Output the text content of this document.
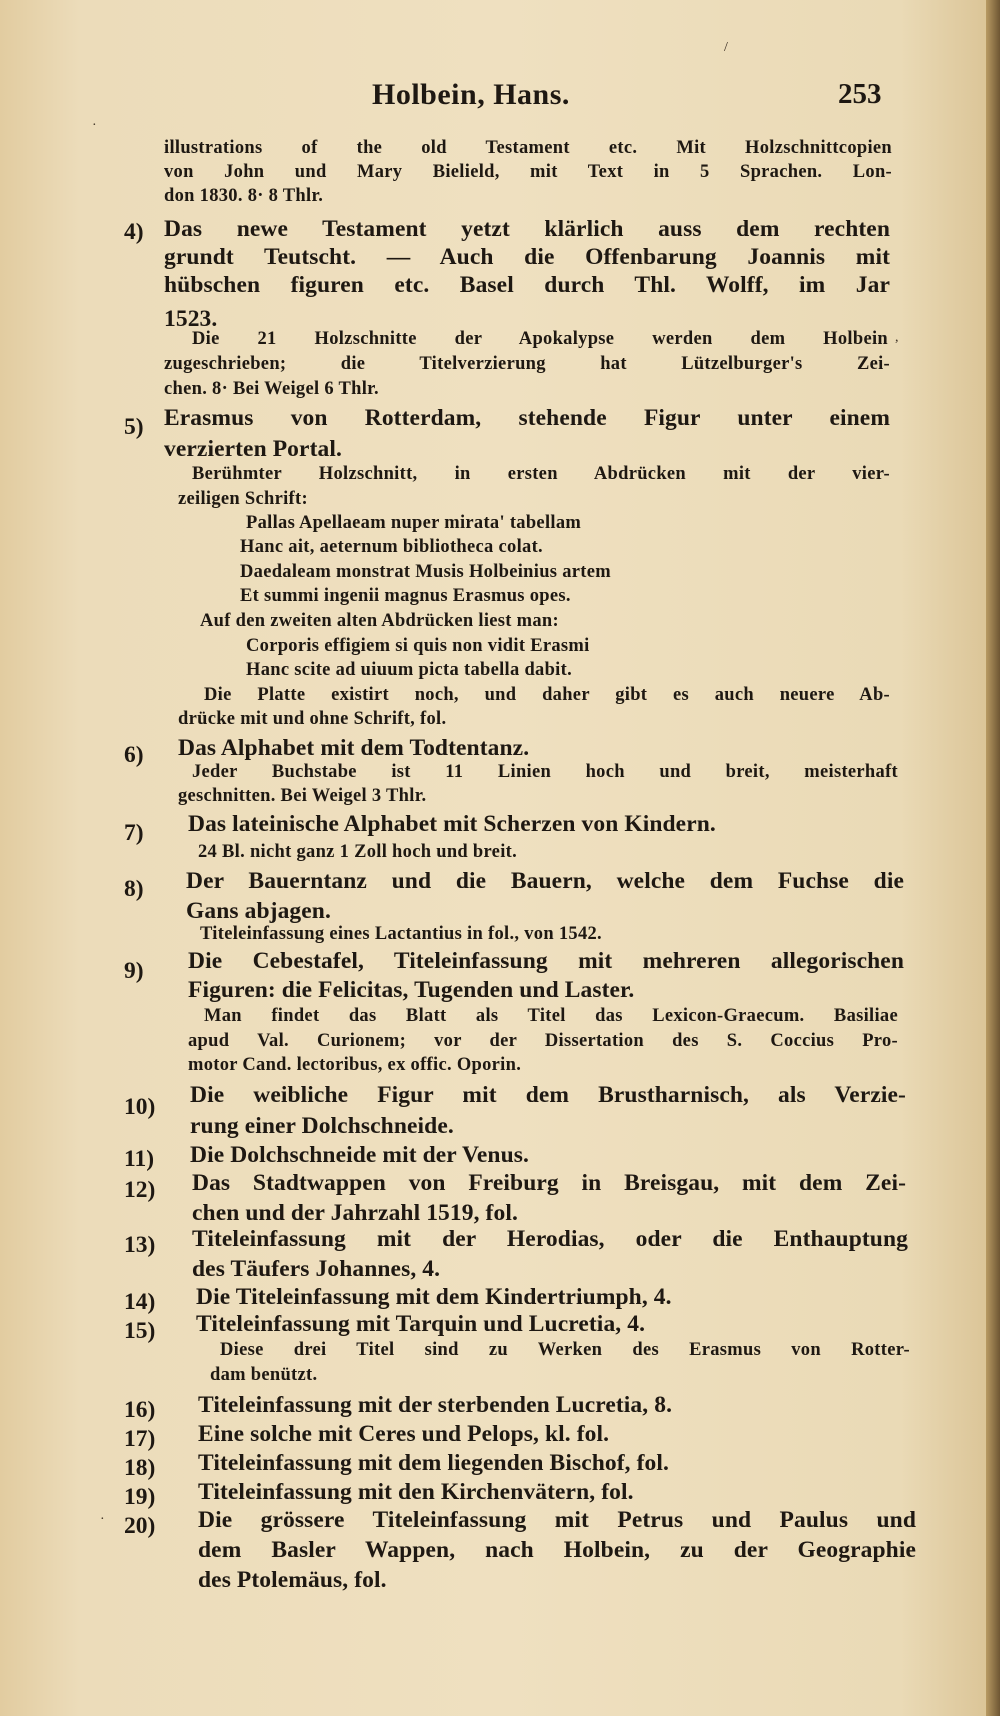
Holbein, Hans.	253
·
/
,
·
illustrations of the old Testament etc. Mit Holzschnittcopien
von John und Mary Bielield, mit Text in 5 Sprachen. Lon-
don 1830. 8· 8 Thlr.
4) Das newe Testament yetzt klärlich auss dem rechten
grundt Teutscht. — Auch die Offenbarung Joannis mit
hübschen figuren etc. Basel durch Thl. Wolff, im Jar
1523.
Die 21 Holzschnitte der Apokalypse werden dem Holbein
zugeschrieben; die Titelverzierung hat Lützelburger's Zei-
chen. 8· Bei Weigel 6 Thlr.
5) Erasmus von Rotterdam, stehende Figur unter einem
verzierten Portal.
Berühmter Holzschnitt, in ersten Abdrücken mit der vier-
zeiligen Schrift:
Pallas Apellaeam nuper mirata' tabellam
Hanc ait, aeternum bibliotheca colat.
Daedaleam monstrat Musis Holbeinius artem
Et summi ingenii magnus Erasmus opes.
Auf den zweiten alten Abdrücken liest man:
Corporis effigiem si quis non vidit Erasmi
Hanc scite ad uiuum picta tabella dabit.
Die Platte existirt noch, und daher gibt es auch neuere Ab-
drücke mit und ohne Schrift, fol.
6) Das Alphabet mit dem Todtentanz.
Jeder Buchstabe ist 11 Linien hoch und breit, meisterhaft
geschnitten. Bei Weigel 3 Thlr.
7) Das lateinische Alphabet mit Scherzen von Kindern.
24 Bl. nicht ganz 1 Zoll hoch und breit.
8) Der Bauerntanz und die Bauern, welche dem Fuchse die
Gans abjagen.
Titeleinfassung eines Lactantius in fol., von 1542.
9) Die Cebestafel, Titeleinfassung mit mehreren allegorischen
Figuren: die Felicitas, Tugenden und Laster.
Man findet das Blatt als Titel das Lexicon-Graecum. Basiliae
apud Val. Curionem; vor der Dissertation des S. Coccius Pro-
motor Cand. lectoribus, ex offic. Oporin.
10) Die weibliche Figur mit dem Brustharnisch, als Verzie-
rung einer Dolchschneide.
11) Die Dolchschneide mit der Venus.
12) Das Stadtwappen von Freiburg in Breisgau, mit dem Zei-
chen und der Jahrzahl 1519, fol.
13) Titeleinfassung mit der Herodias, oder die Enthauptung
des Täufers Johannes, 4.
14) Die Titeleinfassung mit dem Kindertriumph, 4.
15) Titeleinfassung mit Tarquin und Lucretia, 4.
Diese drei Titel sind zu Werken des Erasmus von Rotter-
dam benützt.
16) Titeleinfassung mit der sterbenden Lucretia, 8.
17) Eine solche mit Ceres und Pelops, kl. fol.
18) Titeleinfassung mit dem liegenden Bischof, fol.
19) Titeleinfassung mit den Kirchenvätern, fol.
20) Die grössere Titeleinfassung mit Petrus und Paulus und
dem Basler Wappen, nach Holbein, zu der Geographie
des Ptolemäus, fol.
